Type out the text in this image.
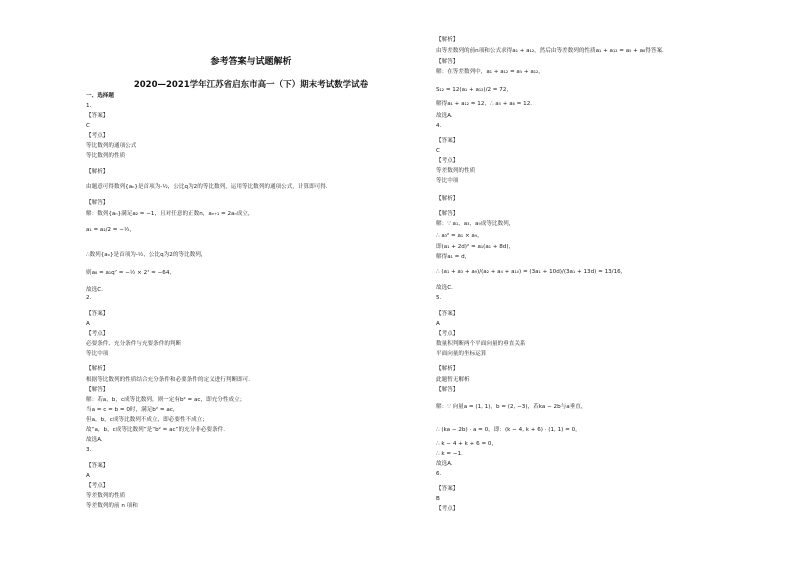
参考答案与试题解析
2020—2021学年江苏省启东市高一（下）期末考试数学试卷
一、选择题
1.
【答案】
C
【考点】
等比数列的通项公式
等比数列的性质
【解析】
由题意可得数列{aₙ}是首项为-½，公比q为2的等比数列，运用等比数列的通项公式，计算即可得.
【解答】
解：数列{aₙ}满足a₂ = −1，且对任意的正数n，aₙ₊₁ = 2aₙ成立，
a₁ = a₂/2 = −½，
∴数列{aₙ}是首项为-½，公比q为2的等比数列，
则a₈ = a₁q⁷ = −½ × 2⁷ = −64，
故选C.
2.
【答案】
A
【考点】
必要条件、充分条件与充要条件的判断
等比中项
【解析】
根据等比数列的性质结合充分条件和必要条件的定义进行判断即可.
【解答】
解：若a，b，c成等比数列，则一定有b² = ac，即充分性成立；
当a = c = b = 0时，满足b² = ac，
但a，b，c成等比数列不成立，即必要性不成立；
故“a，b，c成等比数列”是“b² = ac”的充分非必要条件.
故选A.
3.
【答案】
A
【考点】
等差数列的性质
等差数列的前 n 项和
【解析】
由等差数列的前n项和公式求得a₁ + a₁₂，然后由等差数列的性质a₁ + a₁₂ = a₅ + a₈得答案.
【解答】
解：在等差数列中，a₁ + a₁₂ = a₅ + a₁₂，
S₁₂ = 12(a₁ + a₁₂)/2 = 72，
解得a₁ + a₁₂ = 12，∴ a₅ + a₈ = 12.
故选A.
4.
【答案】
C
【考点】
等差数列的性质
等比中项
【解析】
【解答】
解：∵ a₁，a₃，a₉成等比数列，
∴ a₃² = a₁ × a₉，
即(a₁ + 2d)² = a₁(a₁ + 8d)，
解得a₁ = d，
∴ (a₁ + a₃ + a₉)/(a₂ + a₄ + a₁₀) = (3a₁ + 10d)/(3a₁ + 13d) = 13/16，
故选C.
5.
【答案】
A
【考点】
数量积判断两个平面向量的垂直关系
平面向量的坐标运算
【解析】
此题暂无解析
【解答】
解：∵ 向量a = (1, 1)，b = (2, −3)，若ka − 2b与a垂直，
∴ (ka − 2b) · a = 0，即：(k − 4, k + 6) · (1, 1) = 0，
∴ k − 4 + k + 6 = 0，
∴ k = −1.
故选A.
6.
【答案】
B
【考点】
